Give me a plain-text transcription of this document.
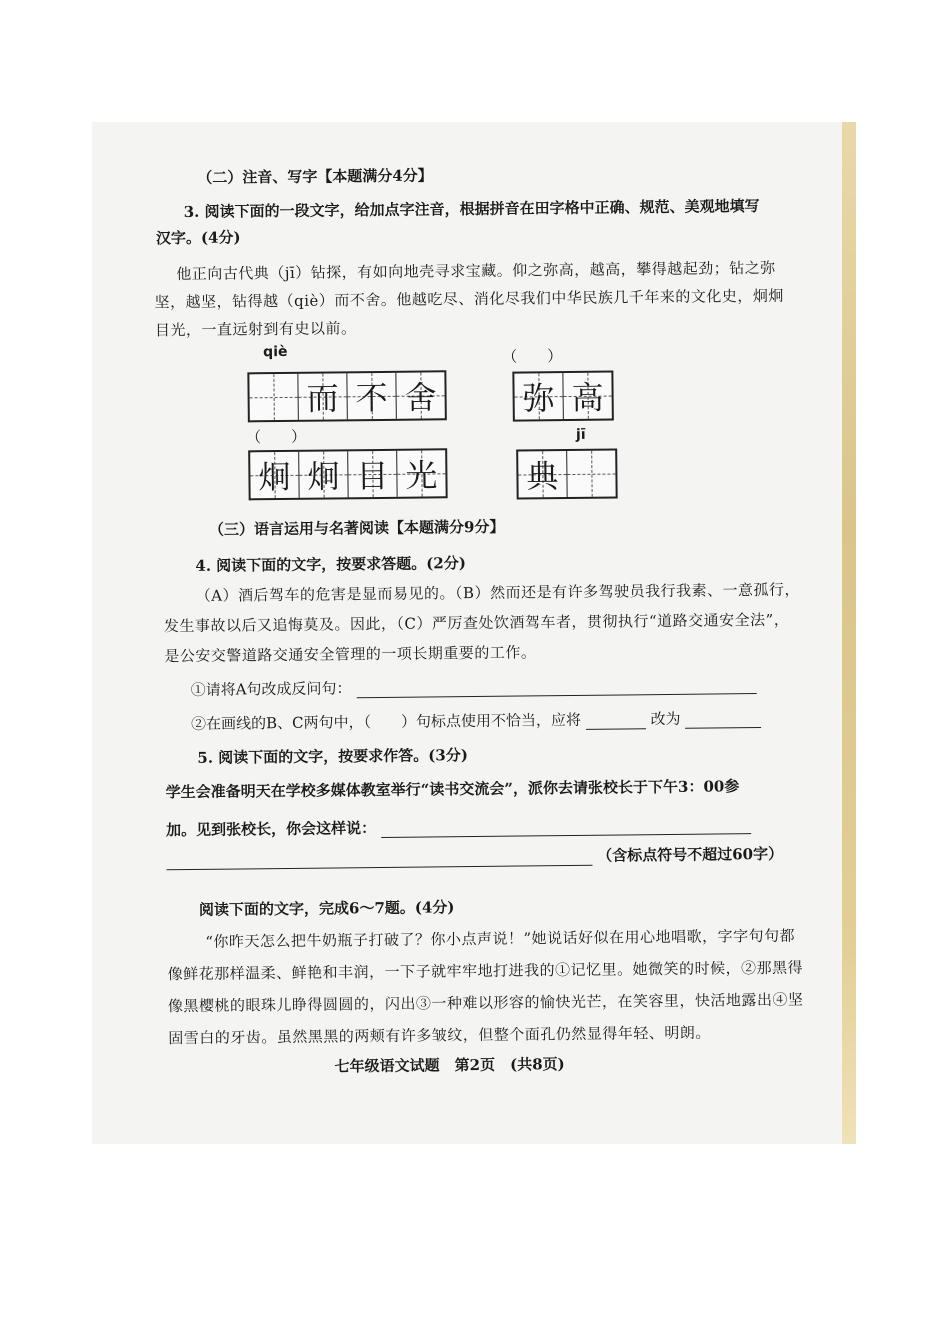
（二）注音、写字【本题满分4分】
3. 阅读下面的一段文字，给加点字注音，根据拼音在田字格中正确、规范、美观地填写
汉字。(4分)
他正向古代典（jī）钻探，有如向地壳寻求宝藏。仰之弥高，越高，攀得越起劲；钻之弥
坚，越坚，钻得越（qiè）而不舍。他越吃尽、消化尽我们中华民族几千年来的文化史，炯炯
目光，一直远射到有史以前。
qiè	（　　）
而 不 舍	弥 高
（　　）	jī
炯 炯 目 光	典
（三）语言运用与名著阅读【本题满分9分】
4. 阅读下面的文字，按要求答题。(2分)
（A）酒后驾车的危害是显而易见的。（B）然而还是有许多驾驶员我行我素、一意孤行，
发生事故以后又追悔莫及。因此，（C）严厉查处饮酒驾车者，贯彻执行“道路交通安全法”，
是公安交警道路交通安全管理的一项长期重要的工作。
①请将A句改成反问句：
②在画线的B、C两句中，（　　）句标点使用不恰当，应将	改为
5. 阅读下面的文字，按要求作答。(3分)
学生会准备明天在学校多媒体教室举行“读书交流会”，派你去请张校长于下午3：00参
加。见到张校长，你会这样说：
（含标点符号不超过60字）
阅读下面的文字，完成6～7题。(4分)
“你昨天怎么把牛奶瓶子打破了？你小点声说！”她说话好似在用心地唱歌，字字句句都
像鲜花那样温柔、鲜艳和丰润，一下子就牢牢地打进我的①记忆里。她微笑的时候，②那黑得
像黑樱桃的眼珠儿睁得圆圆的，闪出③一种难以形容的愉快光芒，在笑容里，快活地露出④坚
固雪白的牙齿。虽然黑黑的两颊有许多皱纹，但整个面孔仍然显得年轻、明朗。
七年级语文试题　第2页　(共8页)
